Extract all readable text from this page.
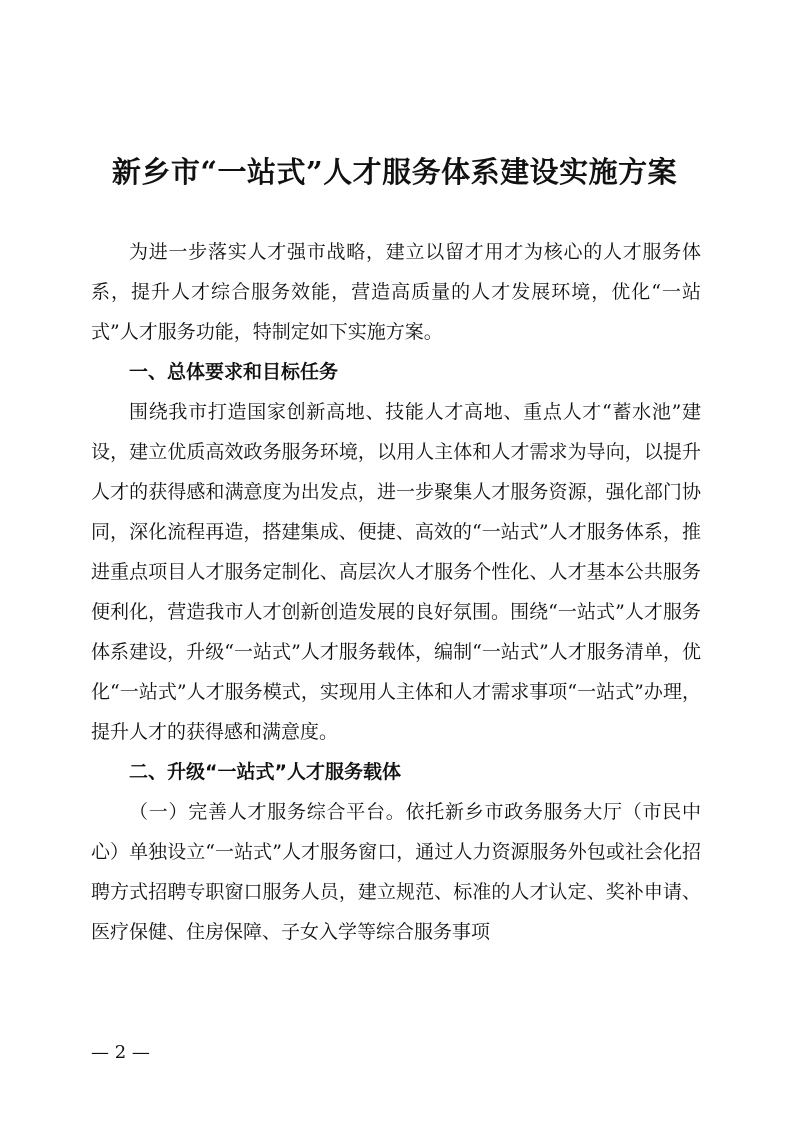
新乡市“一站式”人才服务体系建设实施方案

为进一步落实人才强市战略，建立以留才用才为核心的人才服务体系，提升人才综合服务效能，营造高质量的人才发展环境，优化“一站式”人才服务功能，特制定如下实施方案。

一、总体要求和目标任务

围绕我市打造国家创新高地、技能人才高地、重点人才“蓄水池”建设，建立优质高效政务服务环境，以用人主体和人才需求为导向，以提升人才的获得感和满意度为出发点，进一步聚集人才服务资源，强化部门协同，深化流程再造，搭建集成、便捷、高效的“一站式”人才服务体系，推进重点项目人才服务定制化、高层次人才服务个性化、人才基本公共服务便利化，营造我市人才创新创造发展的良好氛围。围绕“一站式”人才服务体系建设，升级“一站式”人才服务载体，编制“一站式”人才服务清单，优化“一站式”人才服务模式，实现用人主体和人才需求事项“一站式”办理，提升人才的获得感和满意度。

二、升级“一站式”人才服务载体

（一）完善人才服务综合平台。依托新乡市政务服务大厅（市民中心）单独设立“一站式”人才服务窗口，通过人力资源服务外包或社会化招聘方式招聘专职窗口服务人员，建立规范、标准的人才认定、奖补申请、医疗保健、住房保障、子女入学等综合服务事项

— 2 —
